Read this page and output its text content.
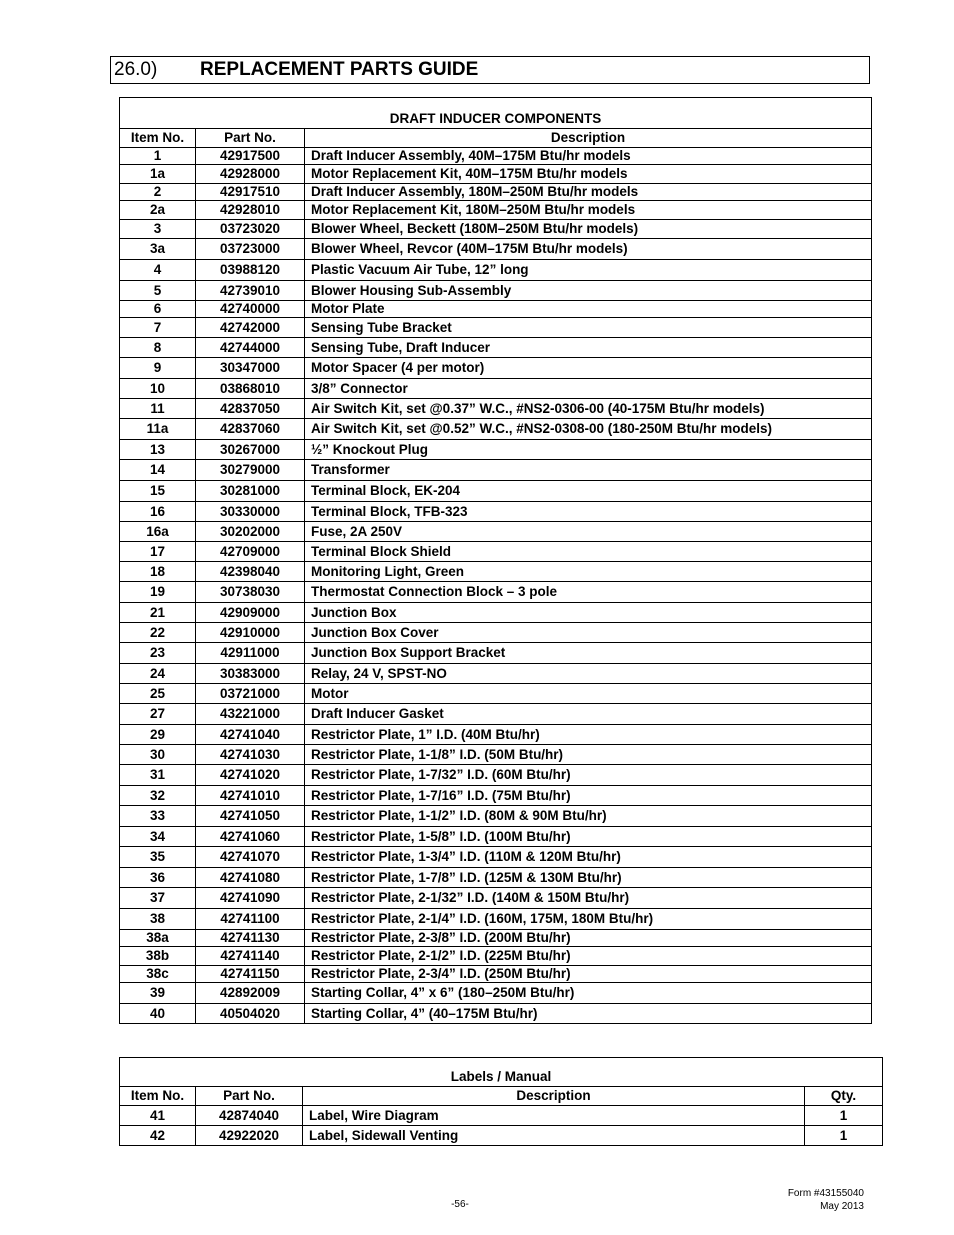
26.0)	REPLACEMENT PARTS GUIDE
DRAFT INDUCER COMPONENTS		
Item No.	Part No.	Description
1	42917500	Draft Inducer Assembly, 40M–175M Btu/hr models
1a	42928000	Motor Replacement Kit, 40M–175M Btu/hr models
2	42917510	Draft Inducer Assembly, 180M–250M Btu/hr models
2a	42928010	Motor Replacement Kit, 180M–250M Btu/hr models
3	03723020	Blower Wheel, Beckett (180M–250M Btu/hr models)
3a	03723000	Blower Wheel, Revcor (40M–175M Btu/hr models)
4	03988120	Plastic Vacuum Air Tube, 12” long
5	42739010	Blower Housing Sub-Assembly
6	42740000	Motor Plate
7	42742000	Sensing Tube Bracket
8	42744000	Sensing Tube, Draft Inducer
9	30347000	Motor Spacer (4 per motor)
10	03868010	3/8” Connector
11	42837050	Air Switch Kit, set @0.37” W.C., #NS2-0306-00 (40-175M Btu/hr models)
11a	42837060	Air Switch Kit, set @0.52” W.C., #NS2-0308-00 (180-250M Btu/hr models)
13	30267000	½” Knockout Plug
14	30279000	Transformer
15	30281000	Terminal Block, EK-204
16	30330000	Terminal Block, TFB-323
16a	30202000	Fuse, 2A 250V
17	42709000	Terminal Block Shield
18	42398040	Monitoring Light, Green
19	30738030	Thermostat Connection Block – 3 pole
21	42909000	Junction Box
22	42910000	Junction Box Cover
23	42911000	Junction Box Support Bracket
24	30383000	Relay, 24 V, SPST-NO
25	03721000	Motor
27	43221000	Draft Inducer Gasket
29	42741040	Restrictor Plate, 1” I.D. (40M Btu/hr)
30	42741030	Restrictor Plate, 1-1/8” I.D. (50M Btu/hr)
31	42741020	Restrictor Plate, 1-7/32” I.D. (60M Btu/hr)
32	42741010	Restrictor Plate, 1-7/16” I.D. (75M Btu/hr)
33	42741050	Restrictor Plate, 1-1/2” I.D. (80M & 90M Btu/hr)
34	42741060	Restrictor Plate, 1-5/8” I.D. (100M Btu/hr)
35	42741070	Restrictor Plate, 1-3/4” I.D. (110M & 120M Btu/hr)
36	42741080	Restrictor Plate, 1-7/8” I.D. (125M & 130M Btu/hr)
37	42741090	Restrictor Plate, 2-1/32” I.D. (140M & 150M Btu/hr)
38	42741100	Restrictor Plate, 2-1/4” I.D. (160M, 175M, 180M Btu/hr)
38a	42741130	Restrictor Plate, 2-3/8” I.D. (200M Btu/hr)
38b	42741140	Restrictor Plate, 2-1/2” I.D. (225M Btu/hr)
38c	42741150	Restrictor Plate, 2-3/4” I.D. (250M Btu/hr)
39	42892009	Starting Collar, 4” x 6” (180–250M Btu/hr)
40	40504020	Starting Collar, 4” (40–175M Btu/hr)
Labels / Manual			
Item No.	Part No.	Description	Qty.
41	42874040	Label, Wire Diagram	1
42	42922020	Label, Sidewall Venting	1
Form #43155040
May 2013
-56-
